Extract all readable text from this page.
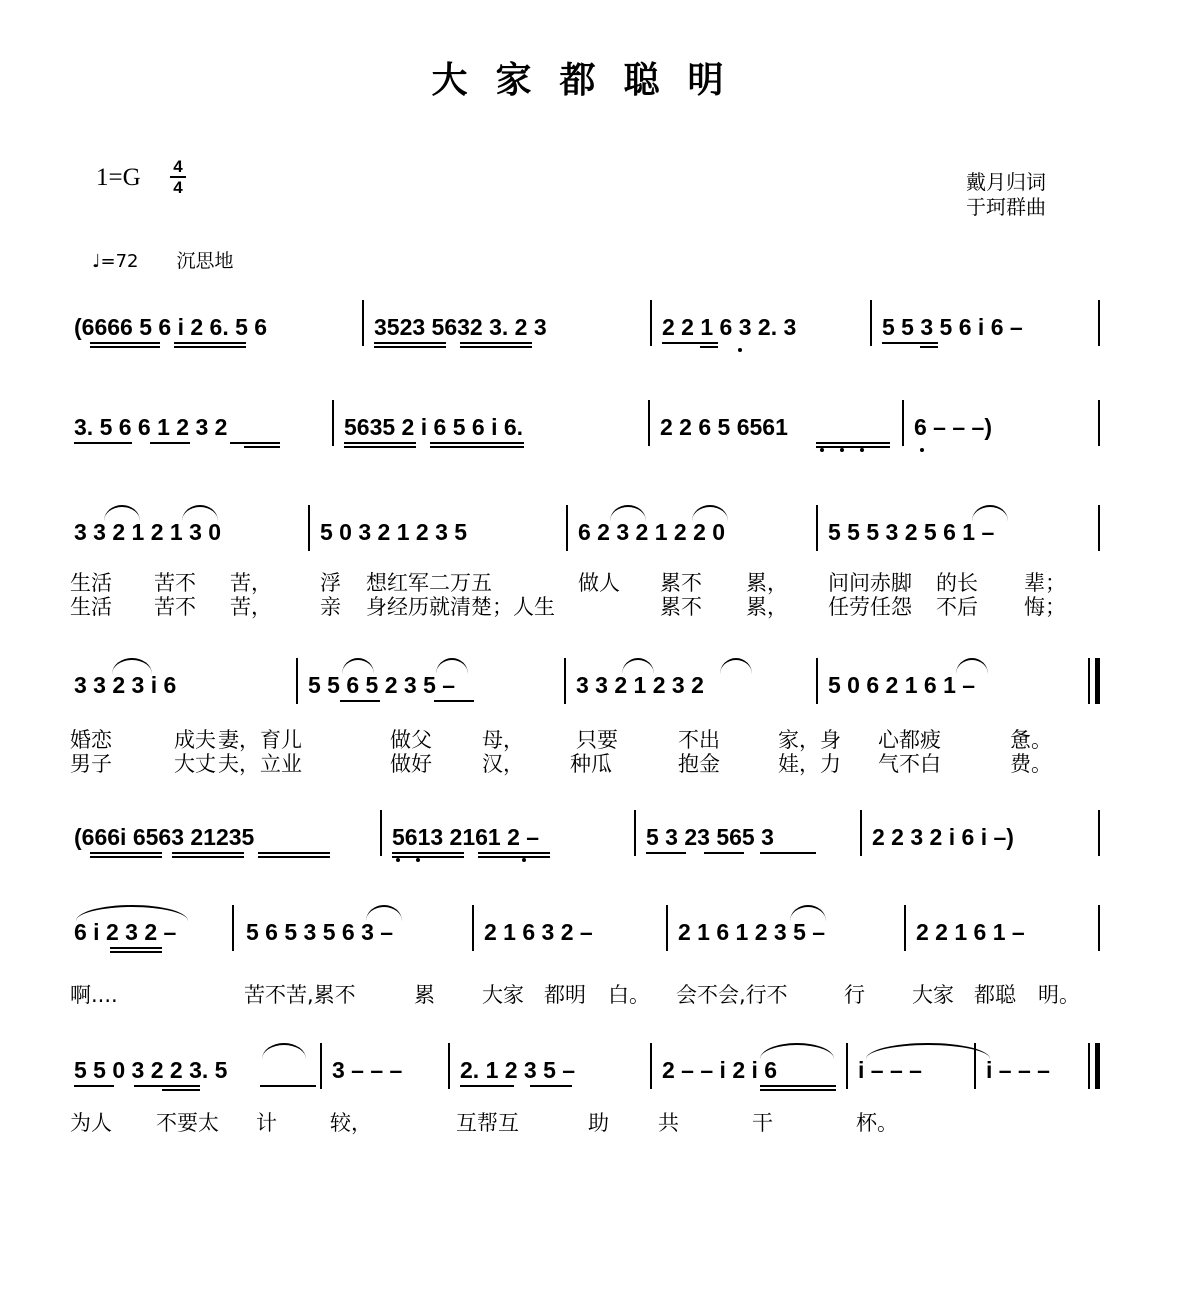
大家都聪明
1=G 4
4	戴月归词
于珂群曲
♩=72 沉思地
(6666 5 6 i 2 6. 5 6	3523 5632 3. 2 3	2 2 1 6 3 2. 3	5 5 3 5 6 i 6 –
3. 5 6 6 1 2 3 2	5635 2 i 6 5 6 i 6.	2 2 6 5 6561	6 – – –)
3 3 2 1 2 1 3 0	5 0 3 2 1 2 3 5	6 2 3 2 1 2 2 0	5 5 5 3 2 5 6 1 –
生活 苦不 苦， 浮 想红军二万五	做人 累不 累， 问问赤脚 的长 辈；
生活 苦不 苦， 亲 身经历就清楚；人生	累不 累， 任劳任怨 不后 悔；
3 3 2 3 i 6	5 5 6 5 2 3 5 –	3 3 2 1 2 3 2	5 0 6 2 1 6 1 –
婚恋	成夫 妻，育儿	做父 母， 只要	不出	家，身 心都疲	惫。
男子	大丈 夫，立业	做好 汉， 种瓜	抱金	娃，力 气不白	费。
(666i 6563 21235	5613 2161 2 –	5 3 23 565 3	2 2 3 2 i 6 i –)
6 i 2 3 2 –	5 6 5 3 5 6 3 –	2 1 6 3 2 –	2 1 6 1 2 3 5 –	2 2 1 6 1 –
啊....	苦不苦,累不	累 大家 都明 白。 会不会,行不	行 大家 都聪 明。
5 5 0 3 2 2 3. 5	3 – – –	2. 1 2 3 5 –	2 – – i 2 i 6	i – – –	i – – –
为人 不要太 计	较，	互帮互	助 共	干	杯。
